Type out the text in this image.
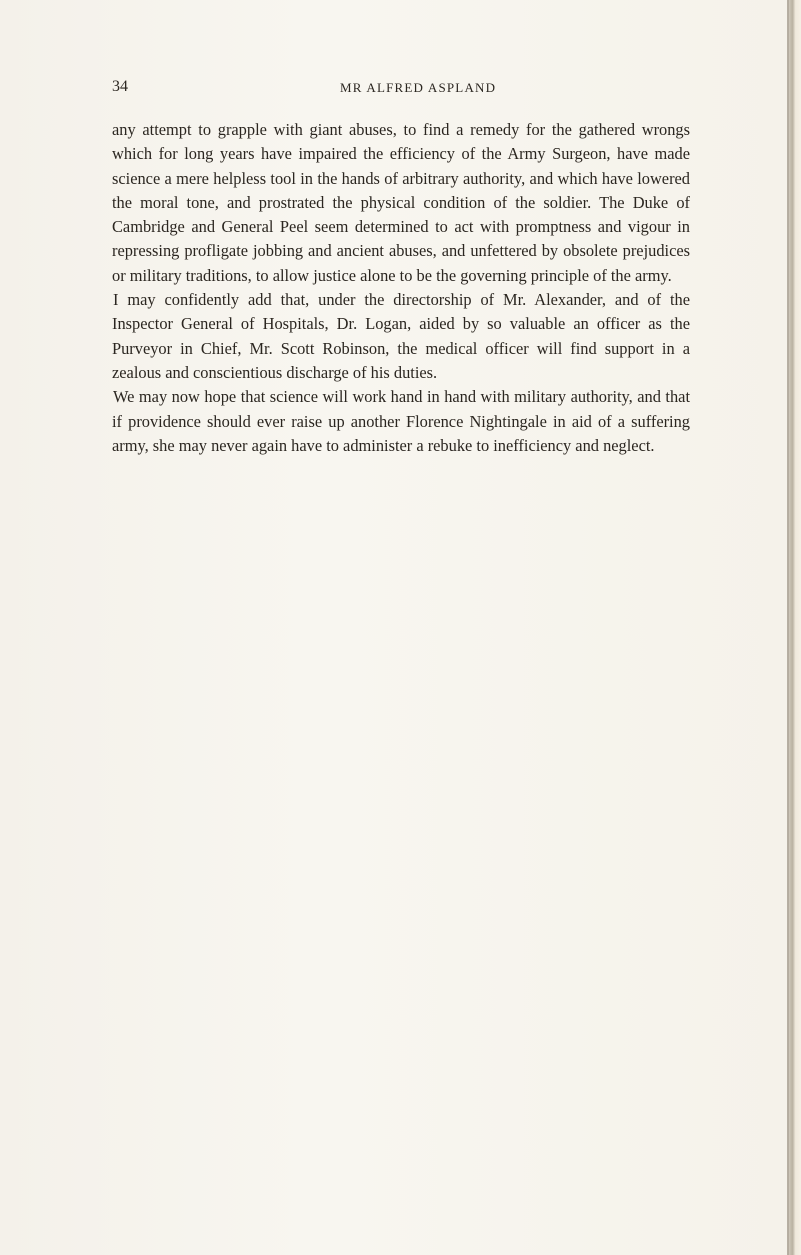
34	MR ALFRED ASPLAND

any attempt to grapple with giant abuses, to find a remedy for the gathered wrongs which for long years have impaired the efficiency of the Army Surgeon, have made science a mere helpless tool in the hands of arbitrary authority, and which have lowered the moral tone, and prostrated the physical condition of the soldier. The Duke of Cambridge and General Peel seem determined to act with promptness and vigour in repressing profligate jobbing and ancient abuses, and unfettered by obsolete prejudices or military traditions, to allow justice alone to be the governing principle of the army.

I may confidently add that, under the directorship of Mr. Alexander, and of the Inspector General of Hospitals, Dr. Logan, aided by so valuable an officer as the Purveyor in Chief, Mr. Scott Robinson, the medical officer will find support in a zealous and conscientious discharge of his duties.

We may now hope that science will work hand in hand with military authority, and that if providence should ever raise up another Florence Nightingale in aid of a suffering army, she may never again have to administer a rebuke to inefficiency and neglect.
